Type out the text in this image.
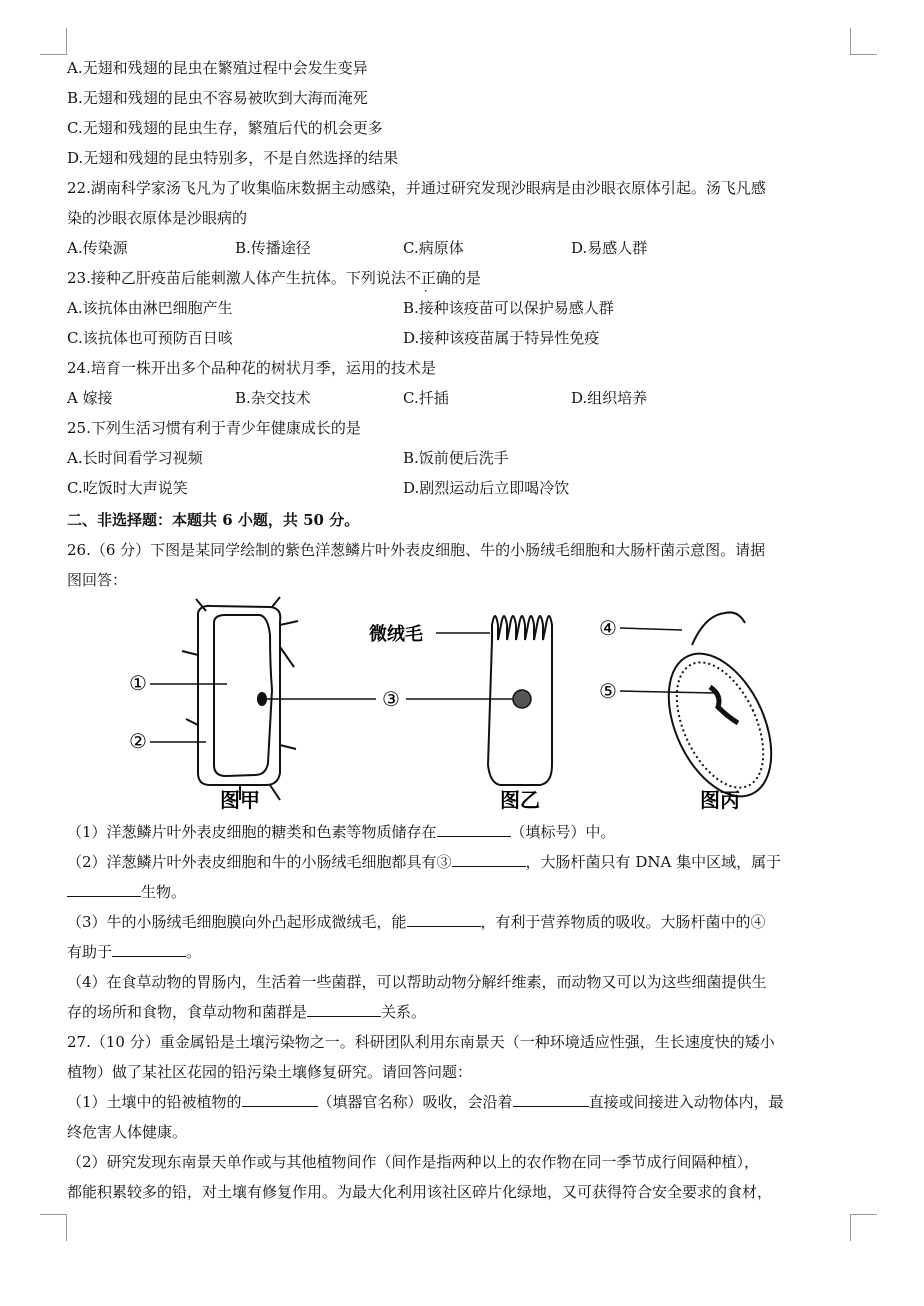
A.无翅和残翅的昆虫在繁殖过程中会发生变异
B.无翅和残翅的昆虫不容易被吹到大海而淹死
C.无翅和残翅的昆虫生存，繁殖后代的机会更多
D.无翅和残翅的昆虫特别多，不是自然选择的结果
22.湖南科学家汤飞凡为了收集临床数据主动感染，并通过研究发现沙眼病是由沙眼衣原体引起。汤飞凡感
染的沙眼衣原体是沙眼病的
A.传染源	B.传播途径	C.病原体	D.易感人群
23.接种乙肝疫苗后能刺激人体产生抗体。下列说法不正确的是
A.该抗体由淋巴细胞产生	B.接种该疫苗可以保护易感人群
C.该抗体也可预防百日咳	D.接种该疫苗属于特异性免疫
24.培育一株开出多个品种花的树状月季，运用的技术是
A 嫁接	B.杂交技术	C.扦插	D.组织培养
25.下列生活习惯有利于青少年健康成长的是
A.长时间看学习视频	B.饭前便后洗手
C.吃饭时大声说笑	D.剧烈运动后立即喝冷饮
二、非选择题：本题共 6 小题，共 50 分。
26.（6 分）下图是某同学绘制的紫色洋葱鳞片叶外表皮细胞、牛的小肠绒毛细胞和大肠杆菌示意图。请据
图回答：
①
②
③
图甲
微绒毛
图乙
④
⑤
图丙
（1）洋葱鳞片叶外表皮细胞的糖类和色素等物质储存在	（填标号）中。
（2）洋葱鳞片叶外表皮细胞和牛的小肠绒毛细胞都具有③	，大肠杆菌只有 DNA 集中区域，属于
生物。
（3）牛的小肠绒毛细胞膜向外凸起形成微绒毛，能	，有利于营养物质的吸收。大肠杆菌中的④
有助于	。
（4）在食草动物的胃肠内，生活着一些菌群，可以帮助动物分解纤维素，而动物又可以为这些细菌提供生
存的场所和食物，食草动物和菌群是	关系。
27.（10 分）重金属铅是土壤污染物之一。科研团队利用东南景天（一种环境适应性强，生长速度快的矮小
植物）做了某社区花园的铅污染土壤修复研究。请回答问题：
（1）土壤中的铅被植物的	（填器官名称）吸收，会沿着	直接或间接进入动物体内，最
终危害人体健康。
（2）研究发现东南景天单作或与其他植物间作（间作是指两种以上的农作物在同一季节成行间隔种植），
都能积累较多的铅，对土壤有修复作用。为最大化利用该社区碎片化绿地，又可获得符合安全要求的食材，
